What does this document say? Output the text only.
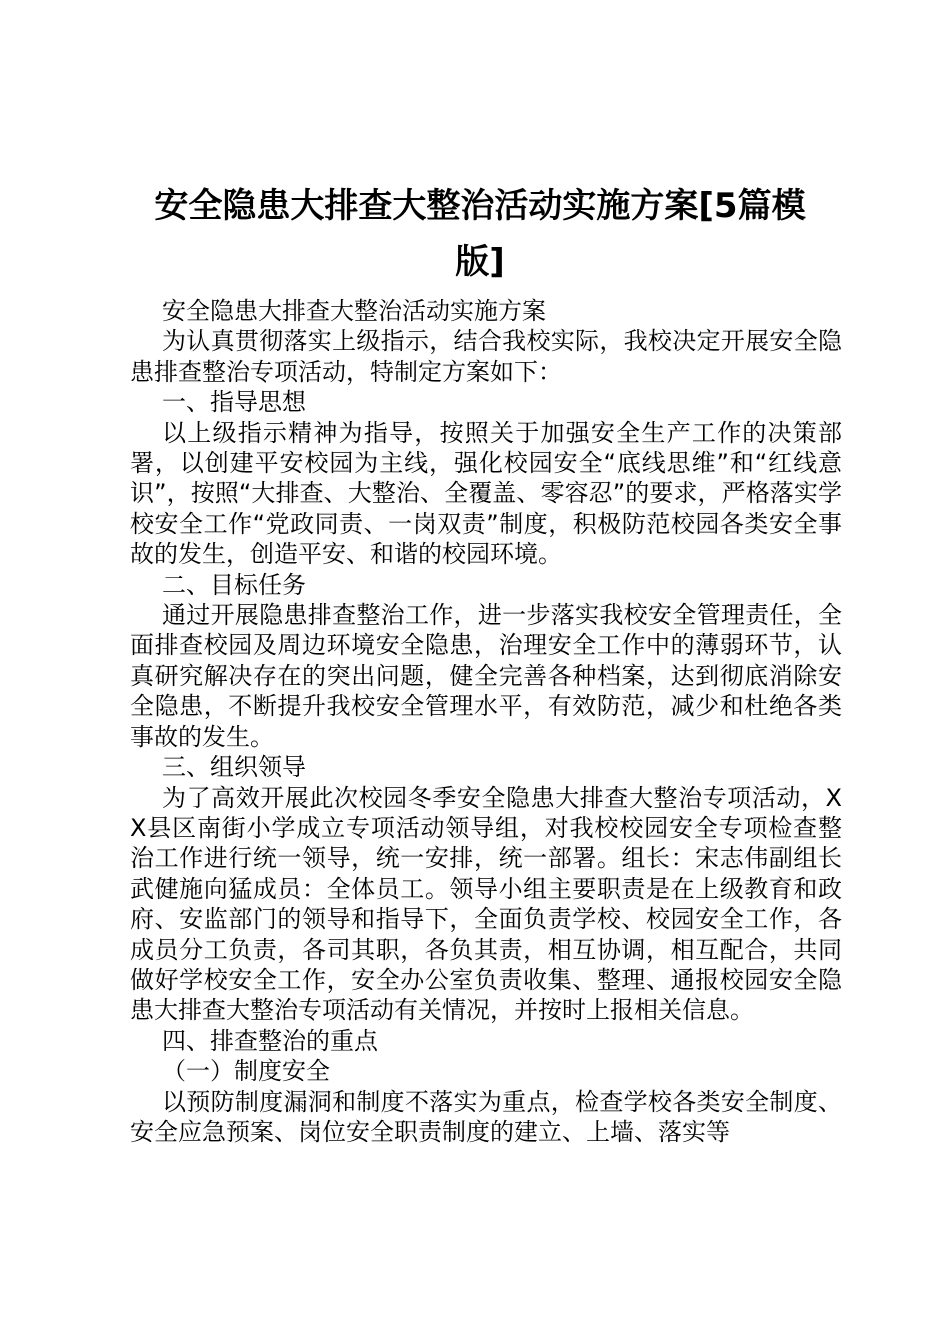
安全隐患大排查大整治活动实施方案[5篇模版]

安全隐患大排查大整治活动实施方案

为认真贯彻落实上级指示，结合我校实际，我校决定开展安全隐患排查整治专项活动，特制定方案如下：

一、指导思想

以上级指示精神为指导，按照关于加强安全生产工作的决策部署，以创建平安校园为主线，强化校园安全“底线思维”和“红线意识”，按照“大排查、大整治、全覆盖、零容忍”的要求，严格落实学校安全工作“党政同责、一岗双责”制度，积极防范校园各类安全事故的发生，创造平安、和谐的校园环境。

二、目标任务

通过开展隐患排查整治工作，进一步落实我校安全管理责任，全面排查校园及周边环境安全隐患，治理安全工作中的薄弱环节，认真研究解决存在的突出问题，健全完善各种档案，达到彻底消除安全隐患，不断提升我校安全管理水平，有效防范，减少和杜绝各类事故的发生。

三、组织领导

为了高效开展此次校园冬季安全隐患大排查大整治专项活动，XX县区南街小学成立专项活动领导组，对我校校园安全专项检查整治工作进行统一领导，统一安排，统一部署。组长：宋志伟副组长武健施向猛成员：全体员工。领导小组主要职责是在上级教育和政府、安监部门的领导和指导下，全面负责学校、校园安全工作，各成员分工负责，各司其职，各负其责，相互协调，相互配合，共同做好学校安全工作，安全办公室负责收集、整理、通报校园安全隐患大排查大整治专项活动有关情况，并按时上报相关信息。

四、排查整治的重点

（一）制度安全

以预防制度漏洞和制度不落实为重点，检查学校各类安全制度、安全应急预案、岗位安全职责制度的建立、上墙、落实等
